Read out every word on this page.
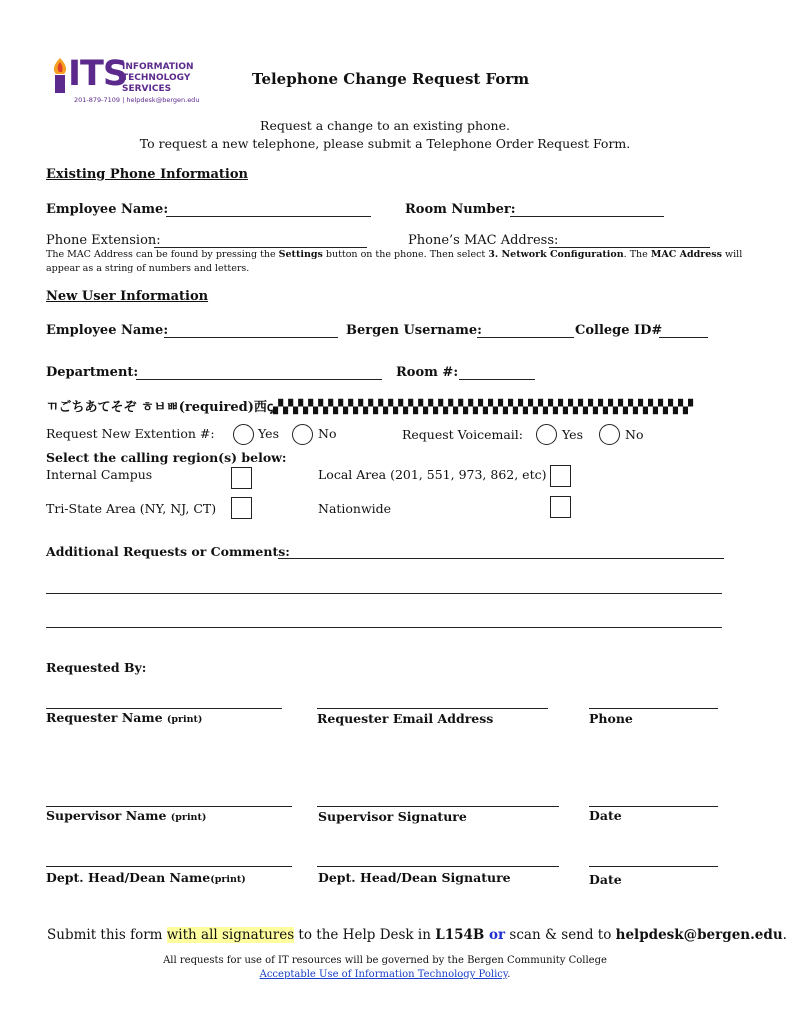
ITS
INFORMATION
TECHNOLOGY
SERVICES
201-879-7109 | helpdesk@bergen.edu
Telephone Change Request Form
Request a change to an existing phone.
To request a new telephone, please submit a Telephone Order Request Form.
Existing Phone Information
Employee Name:	Room Number:
Phone Extension:	Phone’s MAC Address:
The MAC Address can be found by pressing the Settings button on the phone. Then select 3. Network Configuration. The MAC Address will
appear as a string of numbers and letters.
New User Information
Employee Name:	Bergen Username:	College ID#
Department:	Room #:
ㄲごちあてそぞ ㅎㅂㅃ(required)西ꞔ▞▞▞▞▞▞▞▞▞▞▞▞▞▞▞▞▞▞▞▞▞▞▞▞▞▞▞▞▞▞▞▞▞▞▞▞▞▞▞▞▞▞
Request New Extention #:	Yes	No	Request Voicemail:	Yes	No
Select the calling region(s) below:
Internal Campus	Local Area (201, 551, 973, 862, etc)
Tri-State Area (NY, NJ, CT)	Nationwide
Additional Requests or Comments:
Requested By:
Requester Name (print)	Requester Email Address	Phone
Supervisor Name (print)	Supervisor Signature	Date
Dept. Head/Dean Name(print)	Dept. Head/Dean Signature	Date
Submit this form with all signatures to the Help Desk in L154B or scan & send to helpdesk@bergen.edu.
All requests for use of IT resources will be governed by the Bergen Community College
Acceptable Use of Information Technology Policy.
